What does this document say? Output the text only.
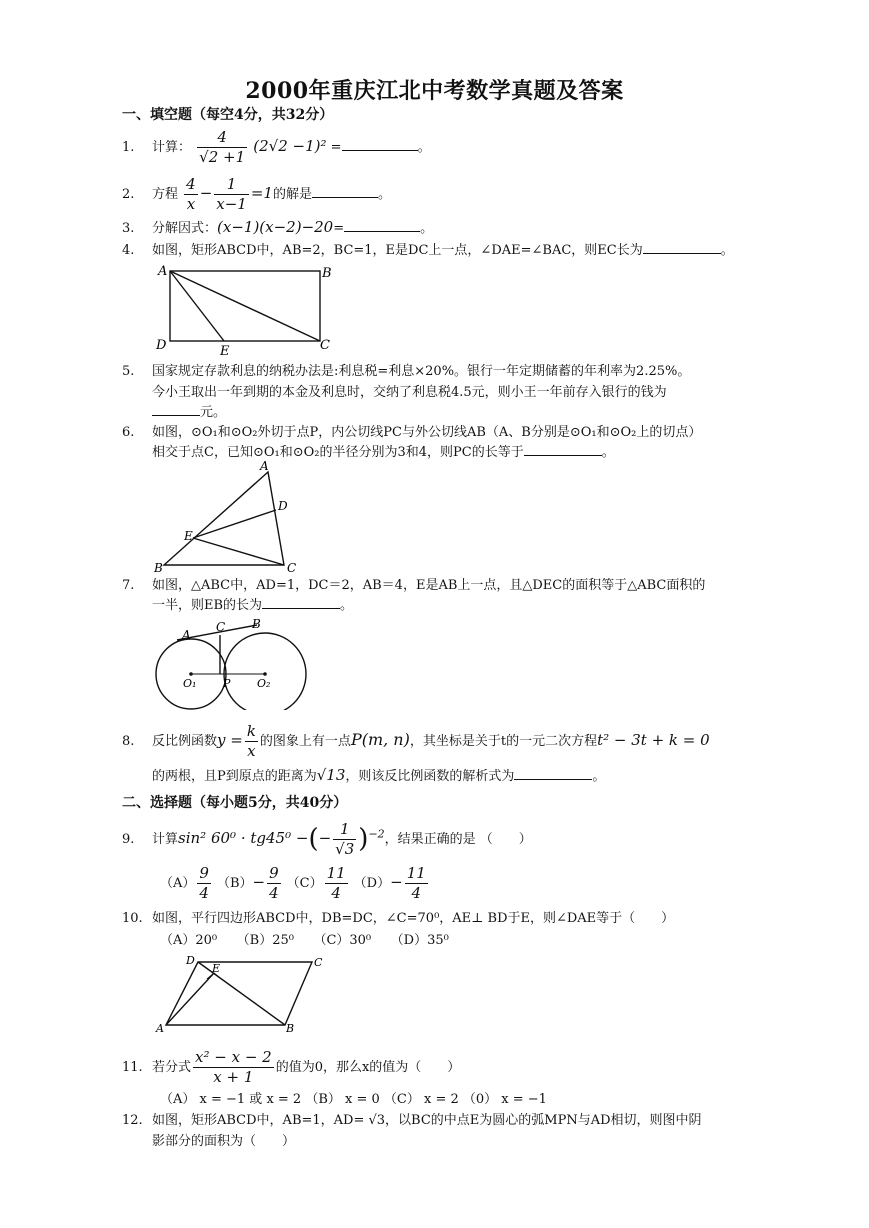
2000年重庆江北中考数学真题及答案
一、填空题（每空4分，共32分）
1. 计算： $\frac{4}{√2 +1} (2√2 -1)^2$ =	。
2. 方程 $\frac{4}{x} - \frac{1}{x-1} =1$的解是	。
3. 分解因式：(x−1)(x−2)−20=	。
4. 如图，矩形ABCD中，AB=2，BC=1，E是DC上一点，∠DAE=∠BAC，则EC长为	。
A	B
C
D	E
5. 国家规定存款利息的纳税办法是:利息税=利息×20%。银行一年定期储蓄的年利率为2.25%。
今小王取出一年到期的本金及利息时，交纳了利息税4.5元，则小王一年前存入银行的钱为
元。
6. 如图，⊙O₁和⊙O₂外切于点P，内公切线PC与外公切线AB（A、B分别是⊙O₁和⊙O₂上的切点）
相交于点C，已知⊙O₁和⊙O₂的半径分别为3和4，则PC的长等于	。
A
D
E
B	C
7. 如图，△ABC中，AD=1，DC＝2，AB＝4，E是AB上一点，且△DEC的面积等于△ABC面积的
一半，则EB的长为	。
A
C B
P
O₁	O₂
8. 反比例函数$y = \frac{k}{x}$ 的图象上有一点P(m, n)，其坐标是关于t的一元二次方程t² − 3t + k = 0
的两根，且P到原点的距离为√13，则该反比例函数的解析式为	。
二、选择题（每小题5分，共40分）
9. 计算sin² 60⁰ · tg45⁰ −(− $\frac{1}{√3} )^{-2}$，结果正确的是 （　　）
$(A) \frac{9}{4} (B)- \frac{9}{4} (C) \frac{11}{4} (D)- \frac{11}{4}$
10. 如图，平行四边形ABCD中，DB=DC，∠C=70⁰，AE⊥ BD于E，则∠DAE等于（　　）
（A）20⁰　　（B）25⁰　　（C）30⁰　　（D）35⁰
D
E	C
A	B
11. 若分式 $\frac{\text{x² − x − 2}}{x + 1}$ 的值为0，那么x的值为（　　）
（A） x = −1 或 x = 2 （B） x = 0 （C） x = 2 （0） x = −1
12. 如图，矩形ABCD中，AB=1，AD= √3，以BC的中点E为圆心的弧MPN与AD相切，则图中阴
影部分的面积为（　　）
